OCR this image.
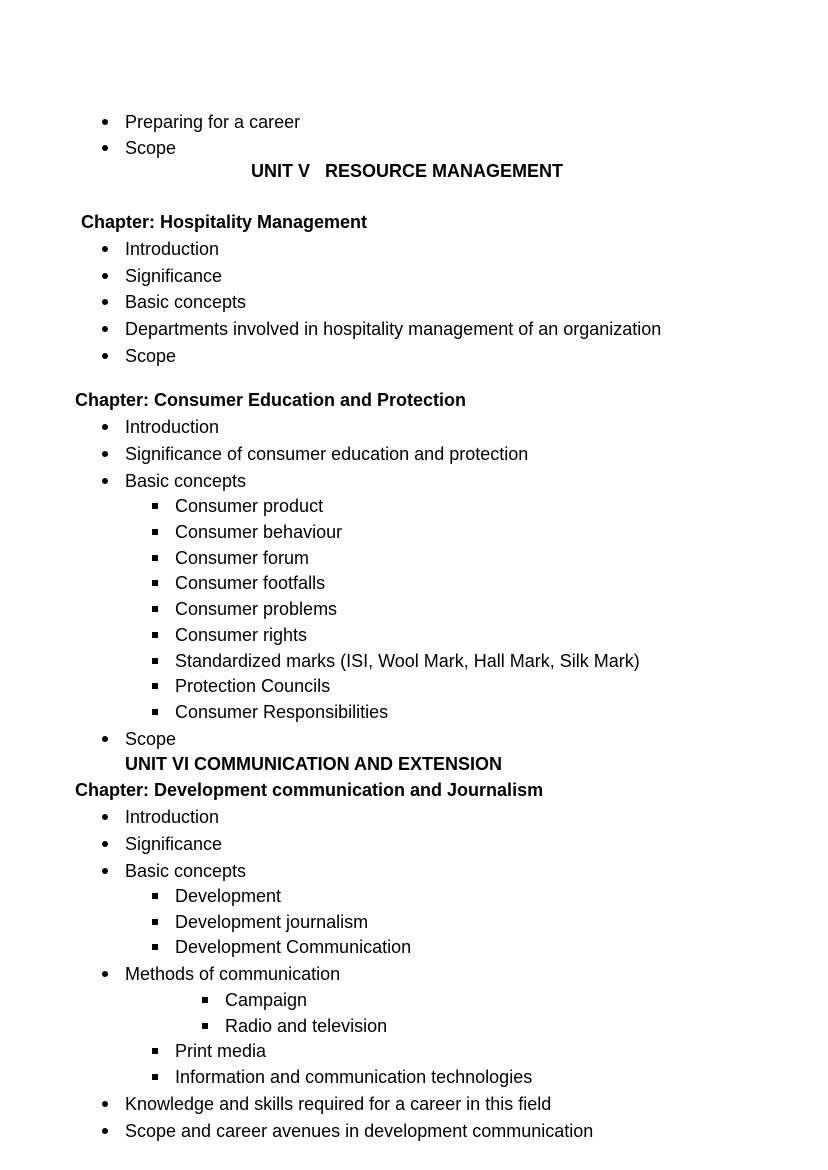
Preparing for a career
Scope
UNIT V   RESOURCE MANAGEMENT
Chapter: Hospitality Management
Introduction
Significance
Basic concepts
Departments involved in hospitality management of an organization
Scope
Chapter: Consumer Education and Protection
Introduction
Significance of consumer education and protection
Basic concepts
Consumer product
Consumer behaviour
Consumer forum
Consumer footfalls
Consumer problems
Consumer rights
Standardized marks (ISI, Wool Mark, Hall Mark, Silk Mark)
Protection Councils
Consumer Responsibilities
Scope
UNIT VI COMMUNICATION AND EXTENSION
Chapter: Development communication and Journalism
Introduction
Significance
Basic concepts
Development
Development journalism
Development Communication
Methods of communication
Campaign
Radio and television
Print media
Information and communication technologies
Knowledge and skills required for a career in this field
Scope and career avenues in development communication
